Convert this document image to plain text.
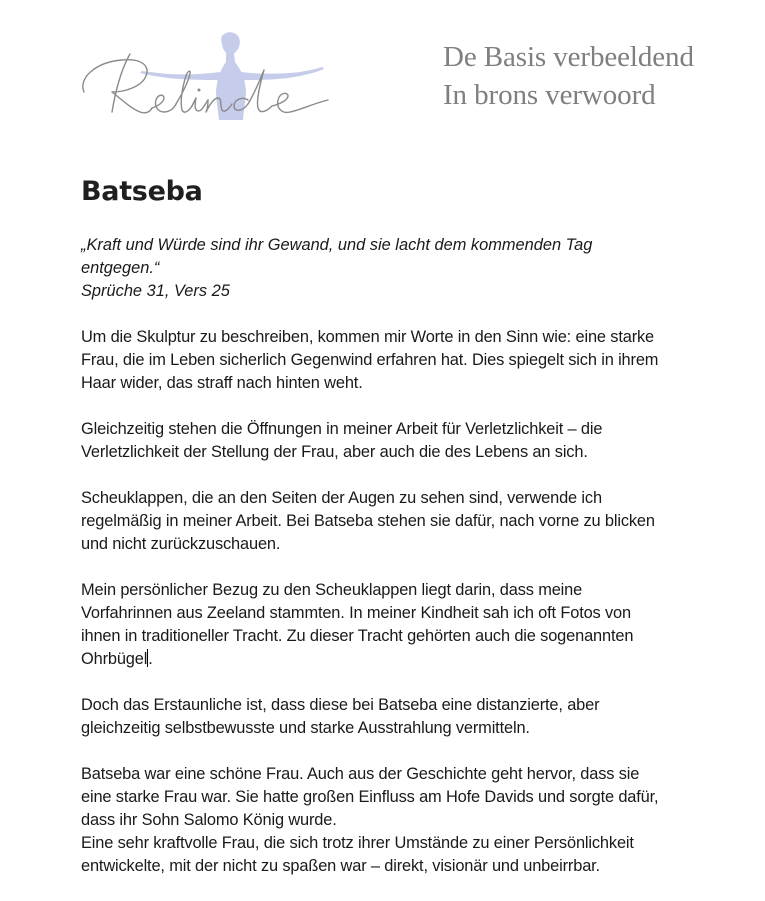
De Basis verbeeldend
In brons verwoord
Batseba
„Kraft und Würde sind ihr Gewand, und sie lacht dem kommenden Tag
entgegen.“
Sprüche 31, Vers 25
Um die Skulptur zu beschreiben, kommen mir Worte in den Sinn wie: eine starke
Frau, die im Leben sicherlich Gegenwind erfahren hat. Dies spiegelt sich in ihrem
Haar wider, das straff nach hinten weht.
Gleichzeitig stehen die Öffnungen in meiner Arbeit für Verletzlichkeit – die
Verletzlichkeit der Stellung der Frau, aber auch die des Lebens an sich.
Scheuklappen, die an den Seiten der Augen zu sehen sind, verwende ich
regelmäßig in meiner Arbeit. Bei Batseba stehen sie dafür, nach vorne zu blicken
und nicht zurückzuschauen.
Mein persönlicher Bezug zu den Scheuklappen liegt darin, dass meine
Vorfahrinnen aus Zeeland stammten. In meiner Kindheit sah ich oft Fotos von
ihnen in traditioneller Tracht. Zu dieser Tracht gehörten auch die sogenannten
Ohrbügel.
Doch das Erstaunliche ist, dass diese bei Batseba eine distanzierte, aber
gleichzeitig selbstbewusste und starke Ausstrahlung vermitteln.
Batseba war eine schöne Frau. Auch aus der Geschichte geht hervor, dass sie
eine starke Frau war. Sie hatte großen Einfluss am Hofe Davids und sorgte dafür,
dass ihr Sohn Salomo König wurde.
Eine sehr kraftvolle Frau, die sich trotz ihrer Umstände zu einer Persönlichkeit
entwickelte, mit der nicht zu spaßen war – direkt, visionär und unbeirrbar.
